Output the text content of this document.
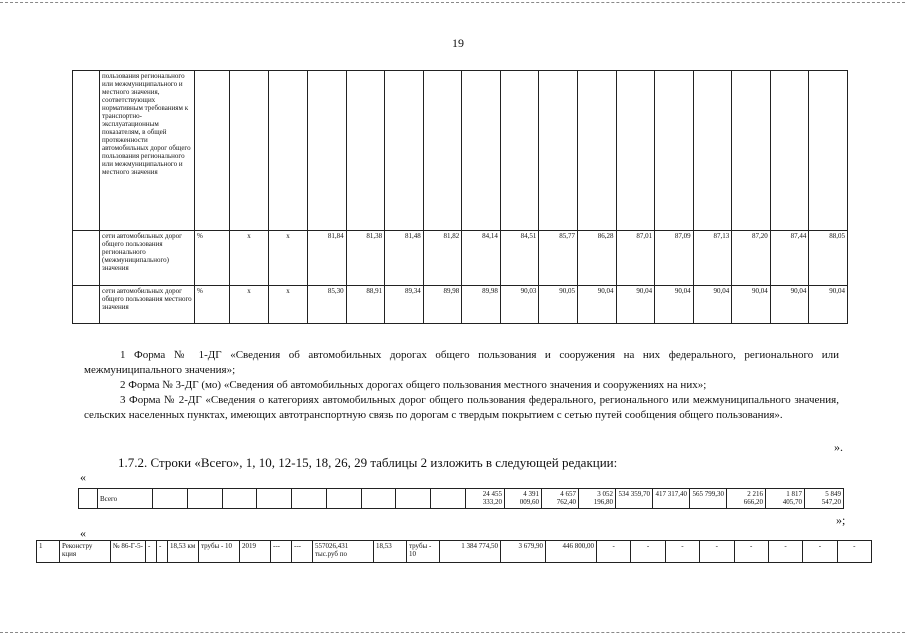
19
	пользования регионального или межмуниципального и местного значения, соответствующих нормативным требованиям к транспортно-эксплуатационным показателям, в общей протяженности автомобильных дорог общего пользования регионального или межмуниципального и местного значения																	
	сети автомобильных дорог общего пользования регионального (межмуниципального) значения	%	x	x	81,84	81,38	81,48	81,82	84,14	84,51	85,77	86,28	87,01	87,09	87,13	87,20	87,44	88,05
	сети автомобильных дорог общего пользования местного значения	%	x	x	85,30	88,91	89,34	89,98	89,98	90,03	90,05	90,04	90,04	90,04	90,04	90,04	90,04	90,04
1 Форма № 1-ДГ «Сведения об автомобильных дорогах общего пользования и сооружения на них федерального, регионального или межмуниципального значения»;
2 Форма № 3-ДГ (мо) «Сведения об автомобильных дорогах общего пользования местного значения и сооружениях на них»;
3 Форма № 2-ДГ «Сведения о категориях автомобильных дорог общего пользования федерального, регионального или межмуниципального значения, сельских населенных пунктах, имеющих автотранспортную связь по дорогам с твердым покрытием с сетью путей сообщения общего пользования».
».
1.7.2. Строки «Всего», 1, 10, 12-15, 18, 26, 29 таблицы 2 изложить в следующей редакции:
«
	Всего										24 455 333,20	4 391 009,60	4 657 762,40	3 052 196,80	534 359,70	417 317,40	565 799,30	2 216 666,20	1 817 405,70	5 849 547,20
»;
«
1	Реконстру кция	№ 86-Г-5-	-	-	18,53 км	трубы - 10	2019	---	---	557026,431 тыс.руб по	18,53	трубы - 10	1 384 774,50	3 679,90	446 800,00	-	-	-	-	-	-	-	-
